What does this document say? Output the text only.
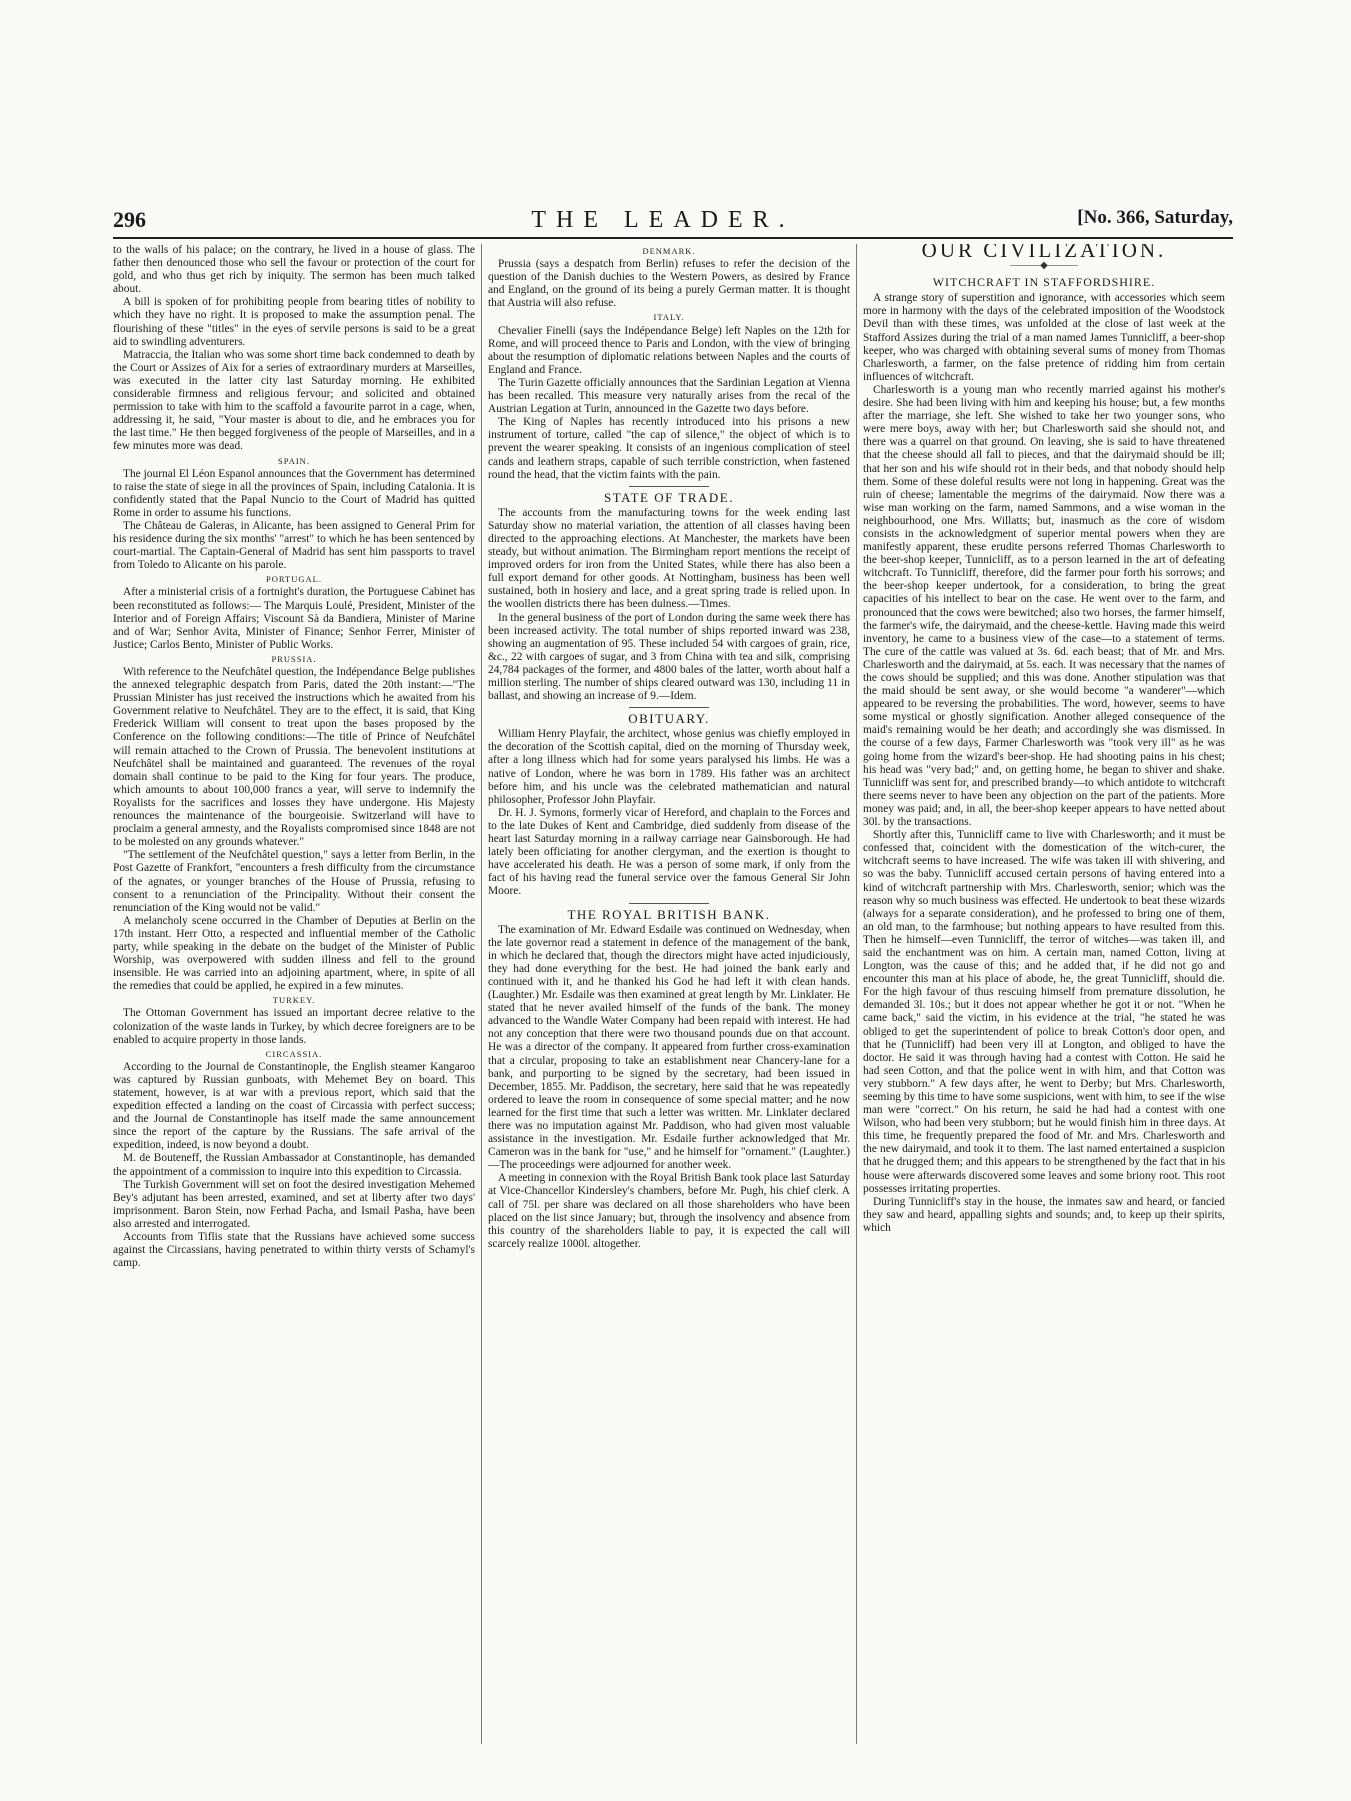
296	THE LEADER.	[No. 366, Saturday,

to the walls of his palace; on the contrary, he lived in a house of glass. The father then denounced those who sell the favour or protection of the court for gold, and who thus get rich by iniquity. The sermon has been much talked about.

A bill is spoken of for prohibiting people from bearing titles of nobility to which they have no right. It is proposed to make the assumption penal. The flourishing of these "titles" in the eyes of servile persons is said to be a great aid to swindling adventurers.

Matraccia, the Italian who was some short time back condemned to death by the Court or Assizes of Aix for a series of extraordinary murders at Marseilles, was executed in the latter city last Saturday morning. He exhibited considerable firmness and religious fervour; and solicited and obtained permission to take with him to the scaffold a favourite parrot in a cage, when, addressing it, he said, "Your master is about to die, and he embraces you for the last time." He then begged forgiveness of the people of Marseilles, and in a few minutes more was dead.

SPAIN.

The journal El Léon Espanol announces that the Government has determined to raise the state of siege in all the provinces of Spain, including Catalonia. It is confidently stated that the Papal Nuncio to the Court of Madrid has quitted Rome in order to assume his functions.

The Château de Galeras, in Alicante, has been assigned to General Prim for his residence during the six months' "arrest" to which he has been sentenced by court-martial. The Captain-General of Madrid has sent him passports to travel from Toledo to Alicante on his parole.

PORTUGAL.

After a ministerial crisis of a fortnight's duration, the Portuguese Cabinet has been reconstituted as follows:— The Marquis Loulé, President, Minister of the Interior and of Foreign Affairs; Viscount Sà da Bandiera, Minister of Marine and of War; Senhor Avita, Minister of Finance; Senhor Ferrer, Minister of Justice; Carlos Bento, Minister of Public Works.

PRUSSIA.

With reference to the Neufchâtel question, the Indépendance Belge publishes the annexed telegraphic despatch from Paris, dated the 20th instant:—"The Prussian Minister has just received the instructions which he awaited from his Government relative to Neufchâtel. They are to the effect, it is said, that King Frederick William will consent to treat upon the bases proposed by the Conference on the following conditions:—The title of Prince of Neufchâtel will remain attached to the Crown of Prussia. The benevolent institutions at Neufchâtel shall be maintained and guaranteed. The revenues of the royal domain shall continue to be paid to the King for four years. The produce, which amounts to about 100,000 francs a year, will serve to indemnify the Royalists for the sacrifices and losses they have undergone. His Majesty renounces the maintenance of the bourgeoisie. Switzerland will have to proclaim a general amnesty, and the Royalists compromised since 1848 are not to be molested on any grounds whatever."

"The settlement of the Neufchâtel question," says a letter from Berlin, in the Post Gazette of Frankfort, "encounters a fresh difficulty from the circumstance of the agnates, or younger branches of the House of Prussia, refusing to consent to a renunciation of the Principality. Without their consent the renunciation of the King would not be valid."

A melancholy scene occurred in the Chamber of Deputies at Berlin on the 17th instant. Herr Otto, a respected and influential member of the Catholic party, while speaking in the debate on the budget of the Minister of Public Worship, was overpowered with sudden illness and fell to the ground insensible. He was carried into an adjoining apartment, where, in spite of all the remedies that could be applied, he expired in a few minutes.

TURKEY.

The Ottoman Government has issued an important decree relative to the colonization of the waste lands in Turkey, by which decree foreigners are to be enabled to acquire property in those lands.

CIRCASSIA.

According to the Journal de Constantinople, the English steamer Kangaroo was captured by Russian gunboats, with Mehemet Bey on board. This statement, however, is at war with a previous report, which said that the expedition effected a landing on the coast of Circassia with perfect success; and the Journal de Constantinople has itself made the same announcement since the report of the capture by the Russians. The safe arrival of the expedition, indeed, is now beyond a doubt.

M. de Bouteneff, the Russian Ambassador at Constantinople, has demanded the appointment of a commission to inquire into this expedition to Circassia.

The Turkish Government will set on foot the desired investigation Mehemed Bey's adjutant has been arrested, examined, and set at liberty after two days' imprisonment. Baron Stein, now Ferhad Pacha, and Ismail Pasha, have been also arrested and interrogated.

Accounts from Tiflis state that the Russians have achieved some success against the Circassians, having penetrated to within thirty versts of Schamyl's camp.

DENMARK.

Prussia (says a despatch from Berlin) refuses to refer the decision of the question of the Danish duchies to the Western Powers, as desired by France and England, on the ground of its being a purely German matter. It is thought that Austria will also refuse.

ITALY.

Chevalier Finelli (says the Indépendance Belge) left Naples on the 12th for Rome, and will proceed thence to Paris and London, with the view of bringing about the resumption of diplomatic relations between Naples and the courts of England and France.

The Turin Gazette officially announces that the Sardinian Legation at Vienna has been recalled. This measure very naturally arises from the recal of the Austrian Legation at Turin, announced in the Gazette two days before.

The King of Naples has recently introduced into his prisons a new instrument of torture, called "the cap of silence," the object of which is to prevent the wearer speaking. It consists of an ingenious complication of steel cands and leathern straps, capable of such terrible constriction, when fastened round the head, that the victim faints with the pain.

STATE OF TRADE.

The accounts from the manufacturing towns for the week ending last Saturday show no material variation, the attention of all classes having been directed to the approaching elections. At Manchester, the markets have been steady, but without animation. The Birmingham report mentions the receipt of improved orders for iron from the United States, while there has also been a full export demand for other goods. At Nottingham, business has been well sustained, both in hosiery and lace, and a great spring trade is relied upon. In the woollen districts there has been dulness.—Times.

In the general business of the port of London during the same week there has been increased activity. The total number of ships reported inward was 238, showing an augmentation of 95. These included 54 with cargoes of grain, rice, &c., 22 with cargoes of sugar, and 3 from China with tea and silk, comprising 24,784 packages of the former, and 4800 bales of the latter, worth about half a million sterling. The number of ships cleared outward was 130, including 11 in ballast, and showing an increase of 9.—Idem.

OBITUARY.

William Henry Playfair, the architect, whose genius was chiefly employed in the decoration of the Scottish capital, died on the morning of Thursday week, after a long illness which had for some years paralysed his limbs. He was a native of London, where he was born in 1789. His father was an architect before him, and his uncle was the celebrated mathematician and natural philosopher, Professor John Playfair.

Dr. H. J. Symons, formerly vicar of Hereford, and chaplain to the Forces and to the late Dukes of Kent and Cambridge, died suddenly from disease of the heart last Saturday morning in a railway carriage near Gainsborough. He had lately been officiating for another clergyman, and the exertion is thought to have accelerated his death. He was a person of some mark, if only from the fact of his having read the funeral service over the famous General Sir John Moore.

THE ROYAL BRITISH BANK.

The examination of Mr. Edward Esdaile was continued on Wednesday, when the late governor read a statement in defence of the management of the bank, in which he declared that, though the directors might have acted injudiciously, they had done everything for the best. He had joined the bank early and continued with it, and he thanked his God he had left it with clean hands. (Laughter.) Mr. Esdaile was then examined at great length by Mr. Linklater. He stated that he never availed himself of the funds of the bank. The money advanced to the Wandle Water Company had been repaid with interest. He had not any conception that there were two thousand pounds due on that account. He was a director of the company. It appeared from further cross-examination that a circular, proposing to take an establishment near Chancery-lane for a bank, and purporting to be signed by the secretary, had been issued in December, 1855. Mr. Paddison, the secretary, here said that he was repeatedly ordered to leave the room in consequence of some special matter; and he now learned for the first time that such a letter was written. Mr. Linklater declared there was no imputation against Mr. Paddison, who had given most valuable assistance in the investigation. Mr. Esdaile further acknowledged that Mr. Cameron was in the bank for "use," and he himself for "ornament." (Laughter.)—The proceedings were adjourned for another week.

A meeting in connexion with the Royal British Bank took place last Saturday at Vice-Chancellor Kindersley's chambers, before Mr. Pugh, his chief clerk. A call of 75l. per share was declared on all those shareholders who have been placed on the list since January; but, through the insolvency and absence from this country of the shareholders liable to pay, it is expected the call will scarcely realize 1000l. altogether.

OUR CIVILIZATION.
———◆———
WITCHCRAFT IN STAFFORDSHIRE.

A strange story of superstition and ignorance, with accessories which seem more in harmony with the days of the celebrated imposition of the Woodstock Devil than with these times, was unfolded at the close of last week at the Stafford Assizes during the trial of a man named James Tunnicliff, a beer-shop keeper, who was charged with obtaining several sums of money from Thomas Charlesworth, a farmer, on the false pretence of ridding him from certain influences of witchcraft.

Charlesworth is a young man who recently married against his mother's desire. She had been living with him and keeping his house; but, a few months after the marriage, she left. She wished to take her two younger sons, who were mere boys, away with her; but Charlesworth said she should not, and there was a quarrel on that ground. On leaving, she is said to have threatened that the cheese should all fall to pieces, and that the dairymaid should be ill; that her son and his wife should rot in their beds, and that nobody should help them. Some of these doleful results were not long in happening. Great was the ruin of cheese; lamentable the megrims of the dairymaid. Now there was a wise man working on the farm, named Sammons, and a wise woman in the neighbourhood, one Mrs. Willatts; but, inasmuch as the core of wisdom consists in the acknowledgment of superior mental powers when they are manifestly apparent, these erudite persons referred Thomas Charlesworth to the beer-shop keeper, Tunnicliff, as to a person learned in the art of defeating witchcraft. To Tunnicliff, therefore, did the farmer pour forth his sorrows; and the beer-shop keeper undertook, for a consideration, to bring the great capacities of his intellect to bear on the case. He went over to the farm, and pronounced that the cows were bewitched; also two horses, the farmer himself, the farmer's wife, the dairymaid, and the cheese-kettle. Having made this weird inventory, he came to a business view of the case—to a statement of terms. The cure of the cattle was valued at 3s. 6d. each beast; that of Mr. and Mrs. Charlesworth and the dairymaid, at 5s. each. It was necessary that the names of the cows should be supplied; and this was done. Another stipulation was that the maid should be sent away, or she would become "a wanderer"—which appeared to be reversing the probabilities. The word, however, seems to have some mystical or ghostly signification. Another alleged consequence of the maid's remaining would be her death; and accordingly she was dismissed. In the course of a few days, Farmer Charlesworth was "took very ill" as he was going home from the wizard's beer-shop. He had shooting pains in his chest; his head was "very bad;" and, on getting home, he began to shiver and shake. Tunnicliff was sent for, and prescribed brandy—to which antidote to witchcraft there seems never to have been any objection on the part of the patients. More money was paid; and, in all, the beer-shop keeper appears to have netted about 30l. by the transactions.

Shortly after this, Tunnicliff came to live with Charlesworth; and it must be confessed that, coincident with the domestication of the witch-curer, the witchcraft seems to have increased. The wife was taken ill with shivering, and so was the baby. Tunnicliff accused certain persons of having entered into a kind of witchcraft partnership with Mrs. Charlesworth, senior; which was the reason why so much business was effected. He undertook to beat these wizards (always for a separate consideration), and he professed to bring one of them, an old man, to the farmhouse; but nothing appears to have resulted from this. Then he himself—even Tunnicliff, the terror of witches—was taken ill, and said the enchantment was on him. A certain man, named Cotton, living at Longton, was the cause of this; and he added that, if he did not go and encounter this man at his place of abode, he, the great Tunnicliff, should die. For the high favour of thus rescuing himself from premature dissolution, he demanded 3l. 10s.; but it does not appear whether he got it or not. "When he came back," said the victim, in his evidence at the trial, "he stated he was obliged to get the superintendent of police to break Cotton's door open, and that he (Tunnicliff) had been very ill at Longton, and obliged to have the doctor. He said it was through having had a contest with Cotton. He said he had seen Cotton, and that the police went in with him, and that Cotton was very stubborn." A few days after, he went to Derby; but Mrs. Charlesworth, seeming by this time to have some suspicions, went with him, to see if the wise man were "correct." On his return, he said he had had a contest with one Wilson, who had been very stubborn; but he would finish him in three days. At this time, he frequently prepared the food of Mr. and Mrs. Charlesworth and the new dairymaid, and took it to them. The last named entertained a suspicion that he drugged them; and this appears to be strengthened by the fact that in his house were afterwards discovered some leaves and some briony root. This root possesses irritating properties.

During Tunnicliff's stay in the house, the inmates saw and heard, or fancied they saw and heard, appalling sights and sounds; and, to keep up their spirits, which
